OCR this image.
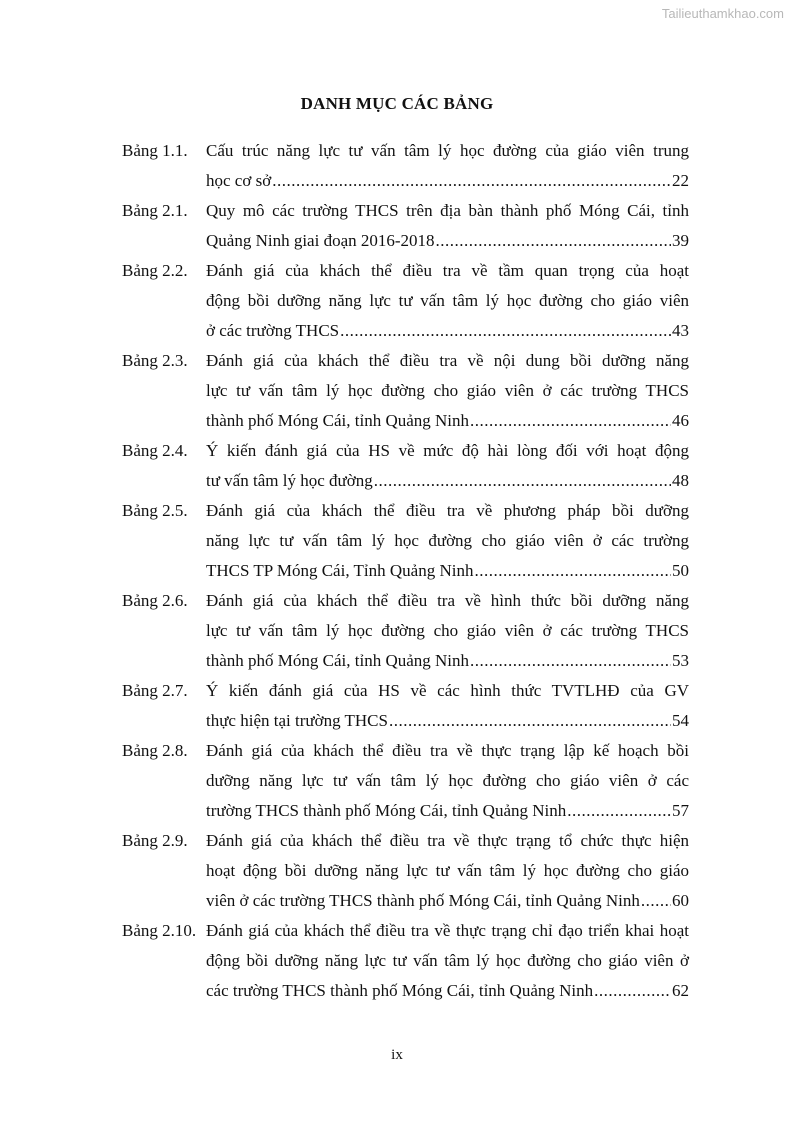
Tailieuthamkhao.com
DANH MỤC CÁC BẢNG
Bảng 1.1.	Cấu trúc năng lực tư vấn tâm lý học đường của giáo viên trung
học cơ sở .....	22
Bảng 2.1.	Quy mô các trường THCS trên địa bàn thành phố Móng Cái, tỉnh
Quảng Ninh giai đoạn 2016-2018 .....	39
Bảng 2.2.	Đánh giá của khách thể điều tra về tầm quan trọng của hoạt
động bồi dưỡng năng lực tư vấn tâm lý học đường cho giáo viên
ở các trường THCS .....	43
Bảng 2.3.	Đánh giá của khách thể điều tra về nội dung bồi dưỡng năng
lực tư vấn tâm lý học đường cho giáo viên ở các trường THCS
thành phố Móng Cái, tỉnh Quảng Ninh .....	46
Bảng 2.4.	Ý kiến đánh giá của HS về mức độ hài lòng đối với hoạt động
tư vấn tâm lý học đường .....	48
Bảng 2.5.	Đánh giá của khách thể điều tra về phương pháp bồi dưỡng
năng lực tư vấn tâm lý học đường cho giáo viên ở các trường
THCS TP Móng Cái, Tỉnh Quảng Ninh .....	50
Bảng 2.6.	Đánh giá của khách thể điều tra về hình thức bồi dưỡng năng
lực tư vấn tâm lý học đường cho giáo viên ở các trường THCS
thành phố Móng Cái, tỉnh Quảng Ninh .....	53
Bảng 2.7.	Ý kiến đánh giá của HS về các hình thức TVTLHĐ của GV
thực hiện tại trường THCS .....	54
Bảng 2.8.	Đánh giá của khách thể điều tra về thực trạng lập kế hoạch bồi
dưỡng năng lực tư vấn tâm lý học đường cho giáo viên ở các
trường THCS thành phố Móng Cái, tỉnh Quảng Ninh .....	57
Bảng 2.9.	Đánh giá của khách thể điều tra về thực trạng tổ chức thực hiện
hoạt động bồi dưỡng năng lực tư vấn tâm lý học đường cho giáo
viên ở các trường THCS thành phố Móng Cái, tỉnh Quảng Ninh ..... 60
Bảng 2.10. Đánh giá của khách thể điều tra về thực trạng chỉ đạo triển khai hoạt
động bồi dưỡng năng lực tư vấn tâm lý học đường cho giáo viên ở
các trường THCS thành phố Móng Cái, tỉnh Quảng Ninh .....	62
ix
